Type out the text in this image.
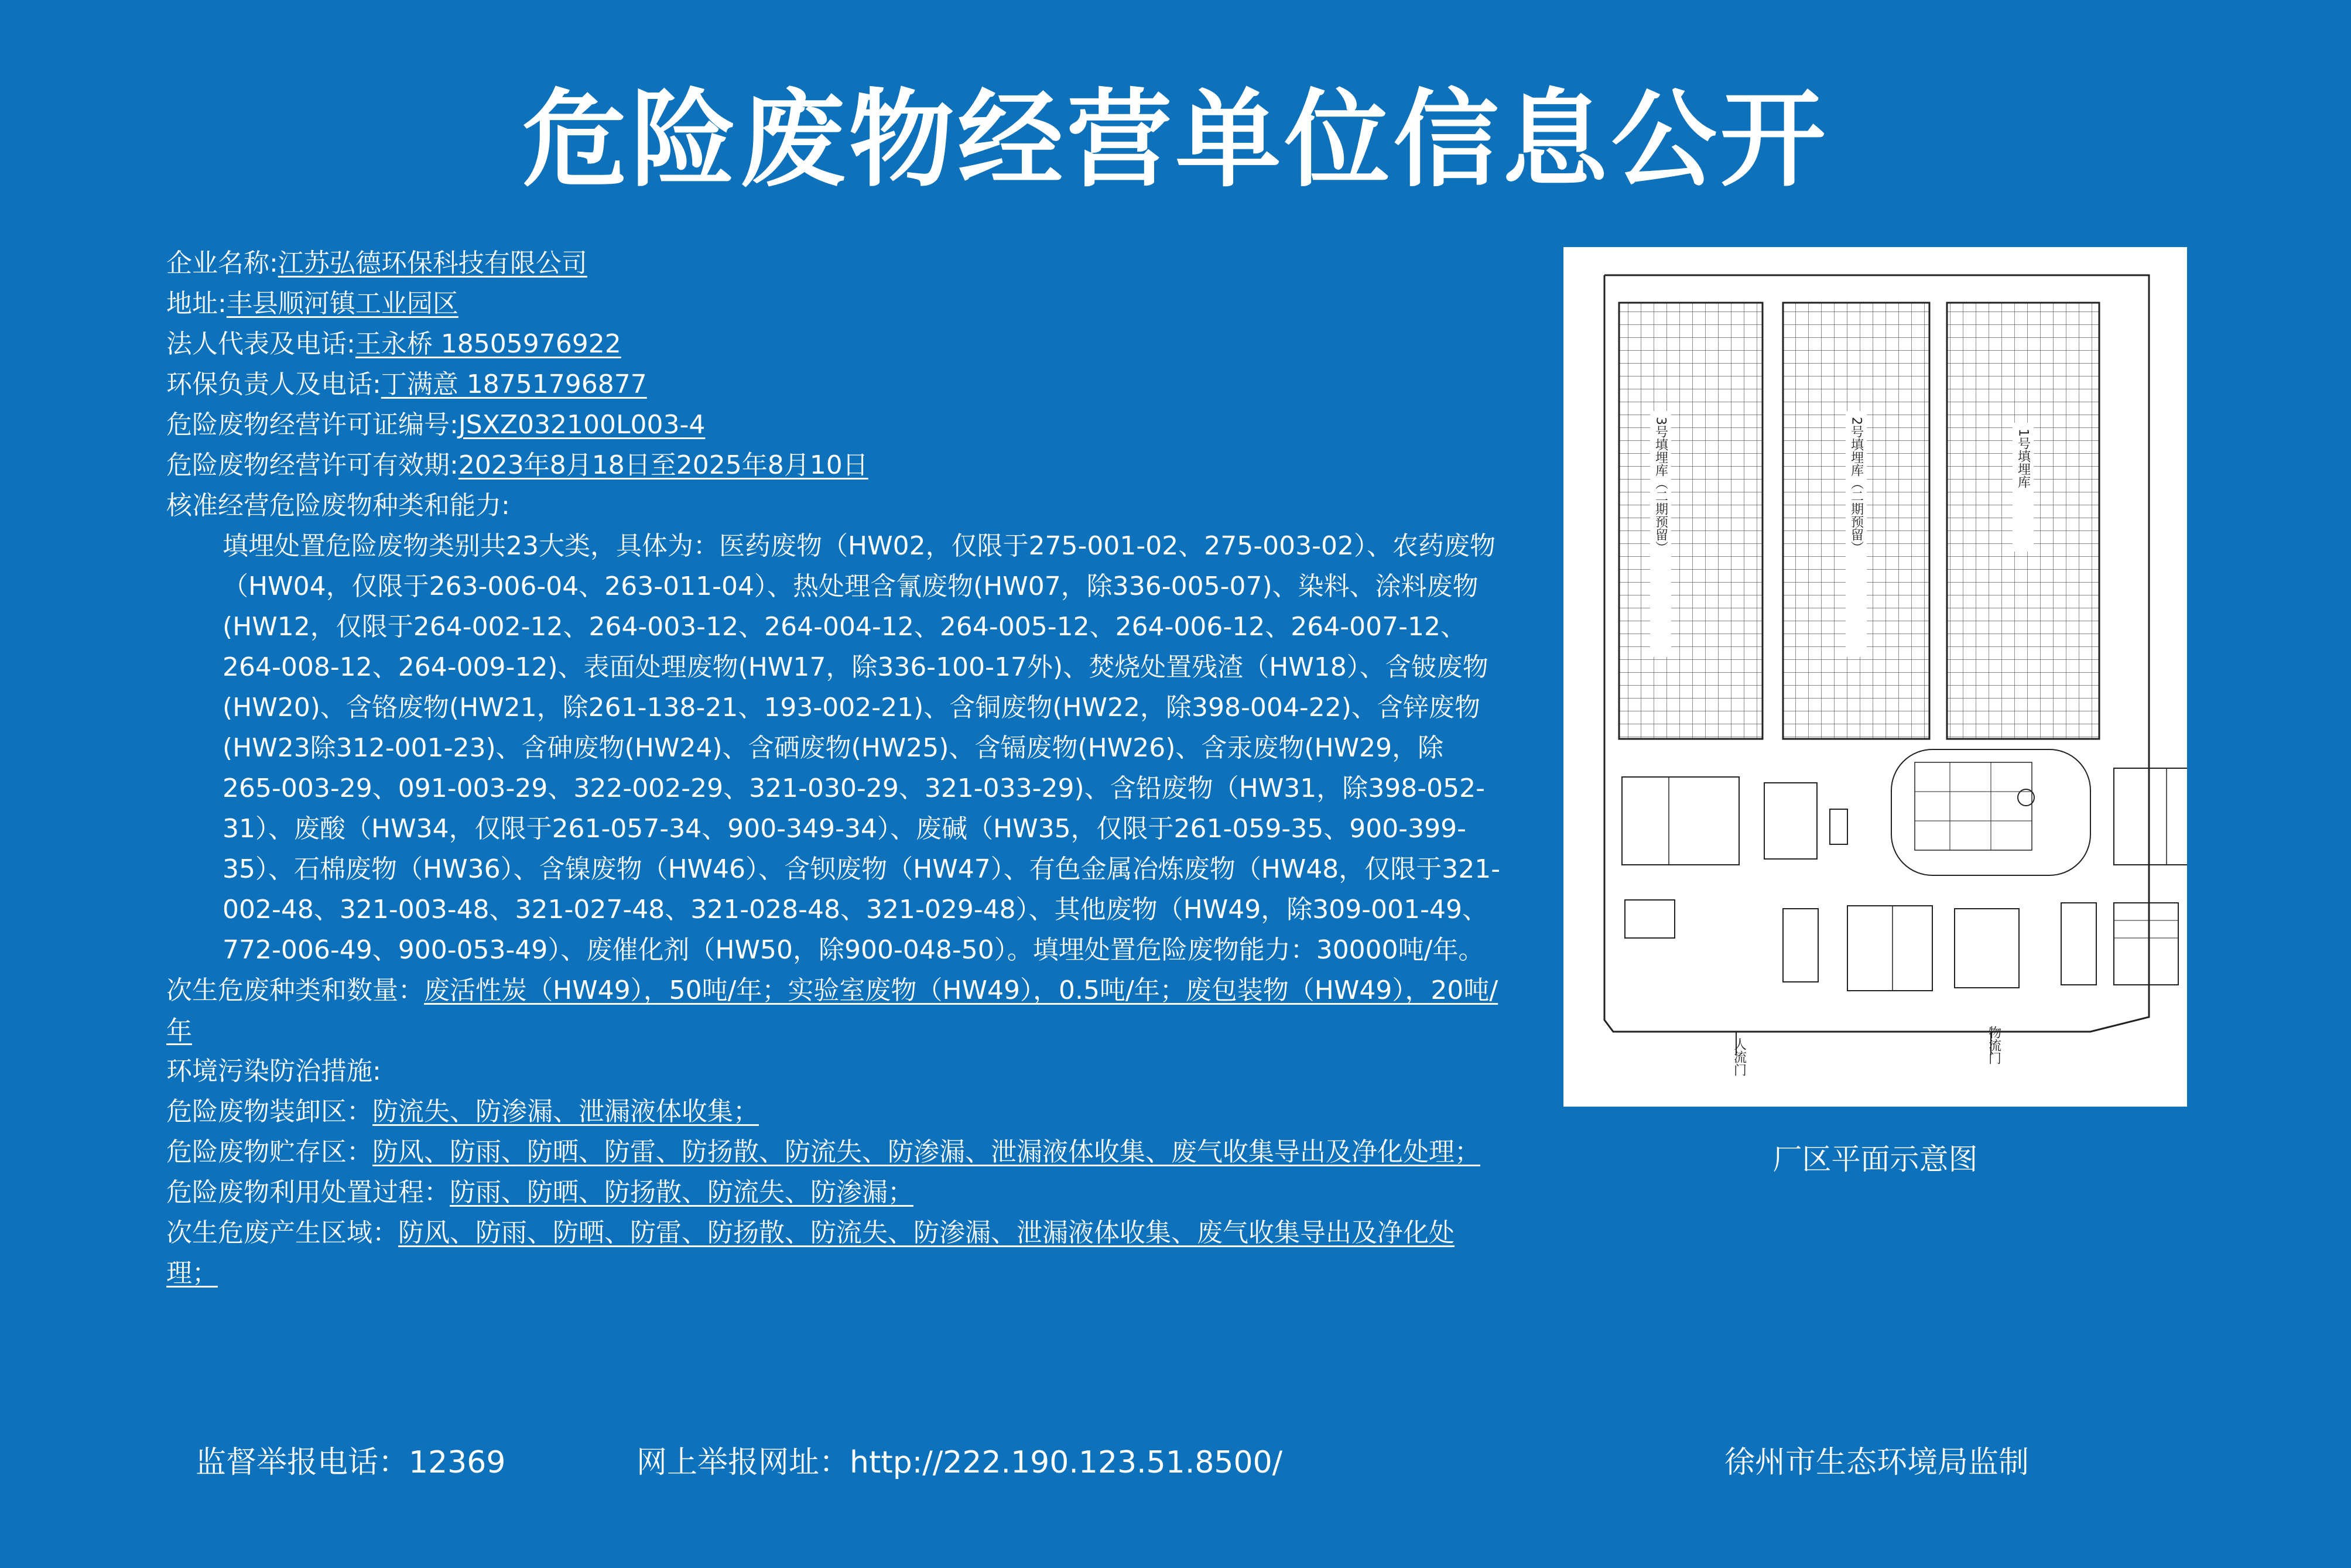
危险废物经营单位信息公开
企业名称:江苏弘德环保科技有限公司
地址:丰县顺河镇工业园区
法人代表及电话:王永桥 18505976922
环保负责人及电话:丁满意 18751796877
危险废物经营许可证编号:JSXZ032100L003-4
危险废物经营许可有效期:2023年8月18日至2025年8月10日
核准经营危险废物种类和能力:
填埋处置危险废物类别共23大类，具体为：医药废物（HW02，仅限于275-001-02、275-003-02）、农药废物（HW04，仅限于263-006-04、263-011-04）、热处理含氰废物(HW07，除336-005-07)、染料、涂料废物(HW12，仅限于264-002-12、264-003-12、264-004-12、264-005-12、264-006-12、264-007-12、264-008-12、264-009-12)、表面处理废物(HW17，除336-100-17外)、焚烧处置残渣（HW18）、含铍废物(HW20)、含铬废物(HW21，除261-138-21、193-002-21)、含铜废物(HW22，除398-004-22)、含锌废物(HW23除312-001-23)、含砷废物(HW24)、含硒废物(HW25)、含镉废物(HW26)、含汞废物(HW29，除265-003-29、091-003-29、322-002-29、321-030-29、321-033-29)、含铅废物（HW31，除398-052-31）、废酸（HW34，仅限于261-057-34、900-349-34）、废碱（HW35，仅限于261-059-35、900-399-35）、石棉废物（HW36）、含镍废物（HW46）、含钡废物（HW47）、有色金属冶炼废物（HW48，仅限于321-002-48、321-003-48、321-027-48、321-028-48、321-029-48）、其他废物（HW49，除309-001-49、772-006-49、900-053-49）、废催化剂（HW50，除900-048-50）。填埋处置危险废物能力：30000吨/年。
次生危废种类和数量：废活性炭（HW49），50吨/年；实验室废物（HW49），0.5吨/年；废包装物（HW49），20吨/年
环境污染防治措施:
危险废物装卸区：防流失、防渗漏、泄漏液体收集；
危险废物贮存区：防风、防雨、防晒、防雷、防扬散、防流失、防渗漏、泄漏液体收集、废气收集导出及净化处理；
危险废物利用处置过程：防雨、防晒、防扬散、防流失、防渗漏；
次生危废产生区域：防风、防雨、防晒、防雷、防扬散、防流失、防渗漏、泄漏液体收集、废气收集导出及净化处理；
3号填埋库（二期预留）	2号填埋库（二期预留）	1号填埋库
人流门	物流门
厂区平面示意图
监督举报电话：12369	网上举报网址：http://222.190.123.51.8500/	徐州市生态环境局监制
